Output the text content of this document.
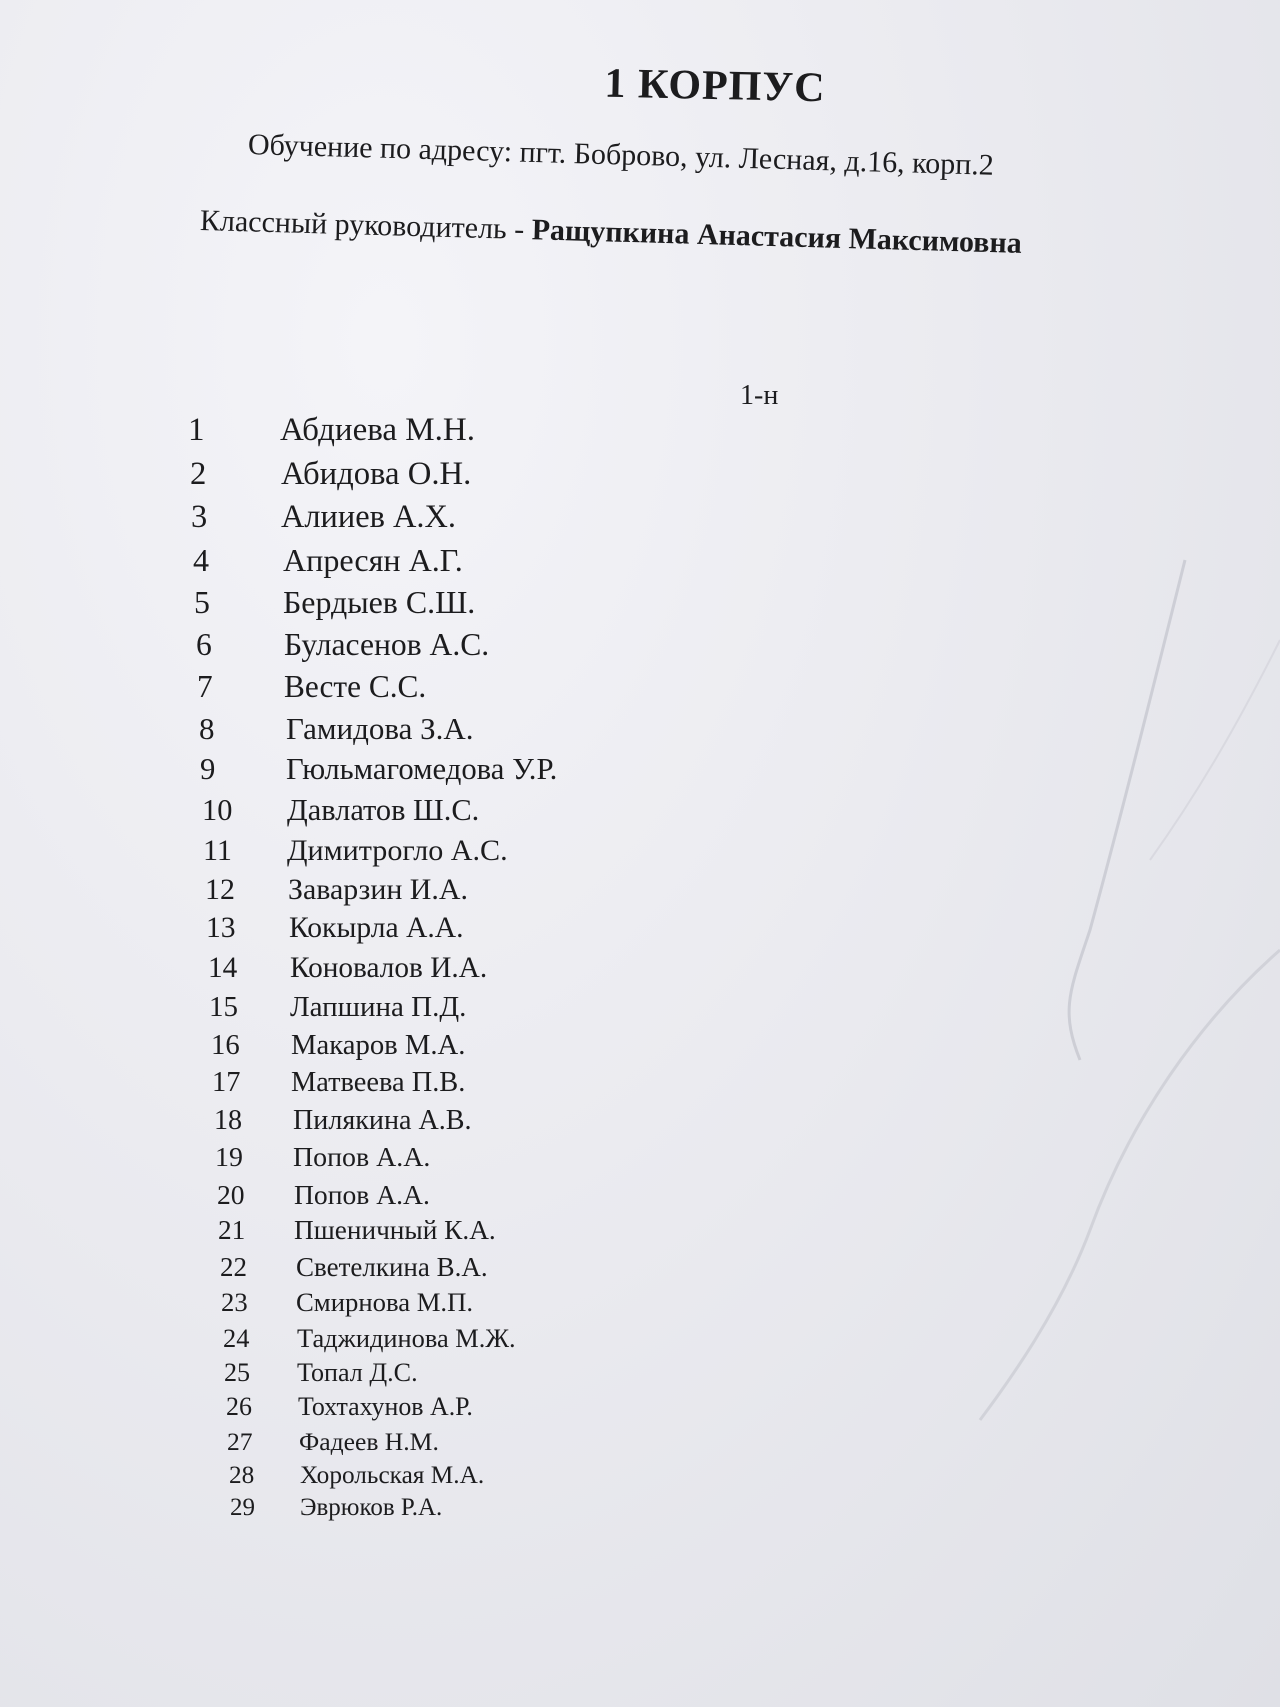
1 КОРПУС
Обучение по адресу: пгт. Боброво, ул. Лесная, д.16, корп.2
Классный руководитель - Ращупкина Анастасия Максимовна
1-н
1 Абдиева М.Н.
2 Абидова О.Н.
3 Алииев А.Х.
4 Апресян А.Г.
5 Бердыев С.Ш.
6 Буласенов А.С.
7 Весте С.С.
8 Гамидова З.А.
9 Гюльмагомедова У.Р.
10 Давлатов Ш.С.
11 Димитрогло А.С.
12 Заварзин И.А.
13 Кокырла А.А.
14 Коновалов И.А.
15 Лапшина П.Д.
16 Макаров М.А.
17 Матвеева П.В.
18 Пилякина А.В.
19 Попов А.А.
20 Попов А.А.
21 Пшеничный К.А.
22 Светелкина В.А.
23 Смирнова М.П.
24 Таджидинова М.Ж.
25 Топал Д.С.
26 Тохтахунов А.Р.
27 Фадеев Н.М.
28 Хорольская М.А.
29 Эврюков Р.А.
